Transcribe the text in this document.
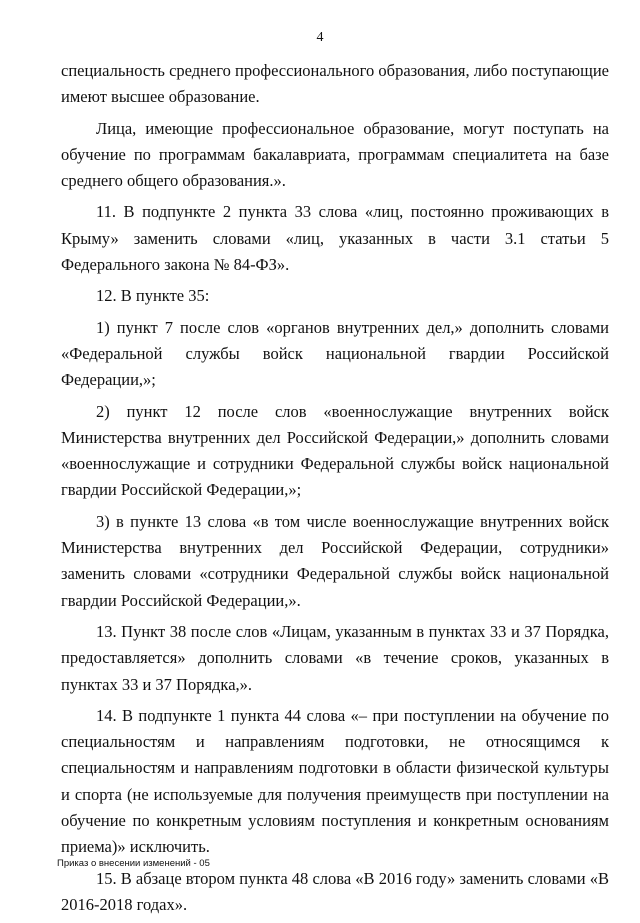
4

специальность среднего профессионального образования, либо поступающие имеют высшее образование.

Лица, имеющие профессиональное образование, могут поступать на обучение по программам бакалавриата, программам специалитета на базе среднего общего образования.».

11. В подпункте 2 пункта 33 слова «лиц, постоянно проживающих в Крыму» заменить словами «лиц, указанных в части 3.1 статьи 5 Федерального закона № 84-ФЗ».

12. В пункте 35:

1) пункт 7 после слов «органов внутренних дел,» дополнить словами «Федеральной службы войск национальной гвардии Российской Федерации,»;

2) пункт 12 после слов «военнослужащие внутренних войск Министерства внутренних дел Российской Федерации,» дополнить словами «военнослужащие и сотрудники Федеральной службы войск национальной гвардии Российской Федерации,»;

3) в пункте 13 слова «в том числе военнослужащие внутренних войск Министерства внутренних дел Российской Федерации, сотрудники» заменить словами «сотрудники Федеральной службы войск национальной гвардии Российской Федерации,».

13. Пункт 38 после слов «Лицам, указанным в пунктах 33 и 37 Порядка, предоставляется» дополнить словами «в течение сроков, указанных в пунктах 33 и 37 Порядка,».

14. В подпункте 1 пункта 44 слова «– при поступлении на обучение по специальностям и направлениям подготовки, не относящимся к специальностям и направлениям подготовки в области физической культуры и спорта (не используемые для получения преимуществ при поступлении на обучение по конкретным условиям поступления и конкретным основаниям приема)» исключить.

15. В абзаце втором пункта 48 слова «В 2016 году» заменить словами «В 2016-2018 годах».

Приказ о внесении изменений - 05
